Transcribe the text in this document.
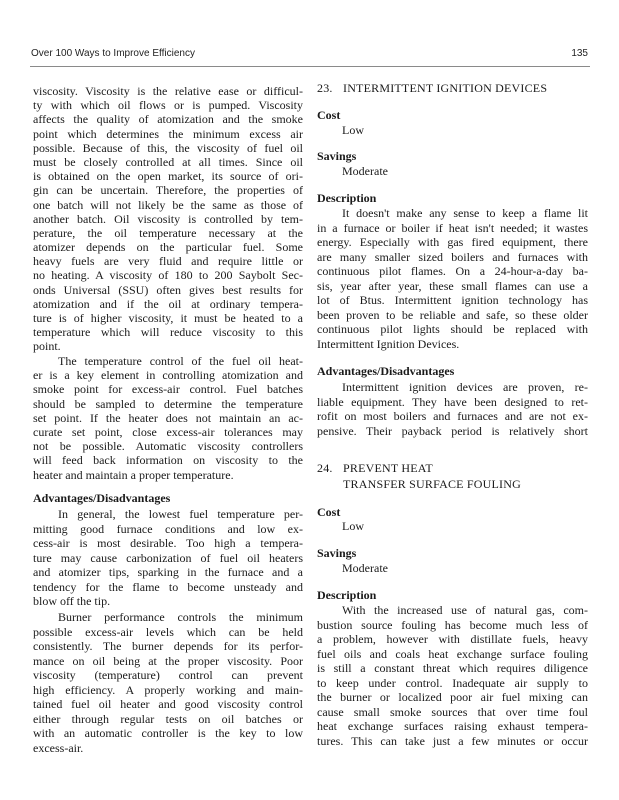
Over 100 Ways to Improve Efficiency	135
viscosity. Viscosity is the relative ease or difficul-
ty with which oil flows or is pumped. Viscosity
affects the quality of atomization and the smoke
point which determines the minimum excess air
possible. Because of this, the viscosity of fuel oil
must be closely controlled at all times. Since oil
is obtained on the open market, its source of ori-
gin can be uncertain. Therefore, the properties of
one batch will not likely be the same as those of
another batch. Oil viscosity is controlled by tem-
perature, the oil temperature necessary at the
atomizer depends on the particular fuel. Some
heavy fuels are very fluid and require little or
no heating. A viscosity of 180 to 200 Saybolt Sec-
onds Universal (SSU) often gives best results for
atomization and if the oil at ordinary tempera-
ture is of higher viscosity, it must be heated to a
temperature which will reduce viscosity to this
point.
The temperature control of the fuel oil heat-
er is a key element in controlling atomization and
smoke point for excess-air control. Fuel batches
should be sampled to determine the temperature
set point. If the heater does not maintain an ac-
curate set point, close excess-air tolerances may
not be possible. Automatic viscosity controllers
will feed back information on viscosity to the
heater and maintain a proper temperature.
Advantages/Disadvantages
In general, the lowest fuel temperature per-
mitting good furnace conditions and low ex-
cess-air is most desirable. Too high a tempera-
ture may cause carbonization of fuel oil heaters
and atomizer tips, sparking in the furnace and a
tendency for the flame to become unsteady and
blow off the tip.
Burner performance controls the minimum
possible excess-air levels which can be held
consistently. The burner depends for its perfor-
mance on oil being at the proper viscosity. Poor
viscosity (temperature) control can prevent
high efficiency. A properly working and main-
tained fuel oil heater and good viscosity control
either through regular tests on oil batches or
with an automatic controller is the key to low
excess-air.
23. INTERMITTENT IGNITION DEVICES
Cost
Low
Savings
Moderate
Description
It doesn't make any sense to keep a flame lit
in a furnace or boiler if heat isn't needed; it wastes
energy. Especially with gas fired equipment, there
are many smaller sized boilers and furnaces with
continuous pilot flames. On a 24-hour-a-day ba-
sis, year after year, these small flames can use a
lot of Btus. Intermittent ignition technology has
been proven to be reliable and safe, so these older
continuous pilot lights should be replaced with
Intermittent Ignition Devices.
Advantages/Disadvantages
Intermittent ignition devices are proven, re-
liable equipment. They have been designed to ret-
rofit on most boilers and furnaces and are not ex-
pensive. Their payback period is relatively short
24. PREVENT HEAT
TRANSFER SURFACE FOULING
Cost
Low
Savings
Moderate
Description
With the increased use of natural gas, com-
bustion source fouling has become much less of
a problem, however with distillate fuels, heavy
fuel oils and coals heat exchange surface fouling
is still a constant threat which requires diligence
to keep under control. Inadequate air supply to
the burner or localized poor air fuel mixing can
cause small smoke sources that over time foul
heat exchange surfaces raising exhaust tempera-
tures. This can take just a few minutes or occur
